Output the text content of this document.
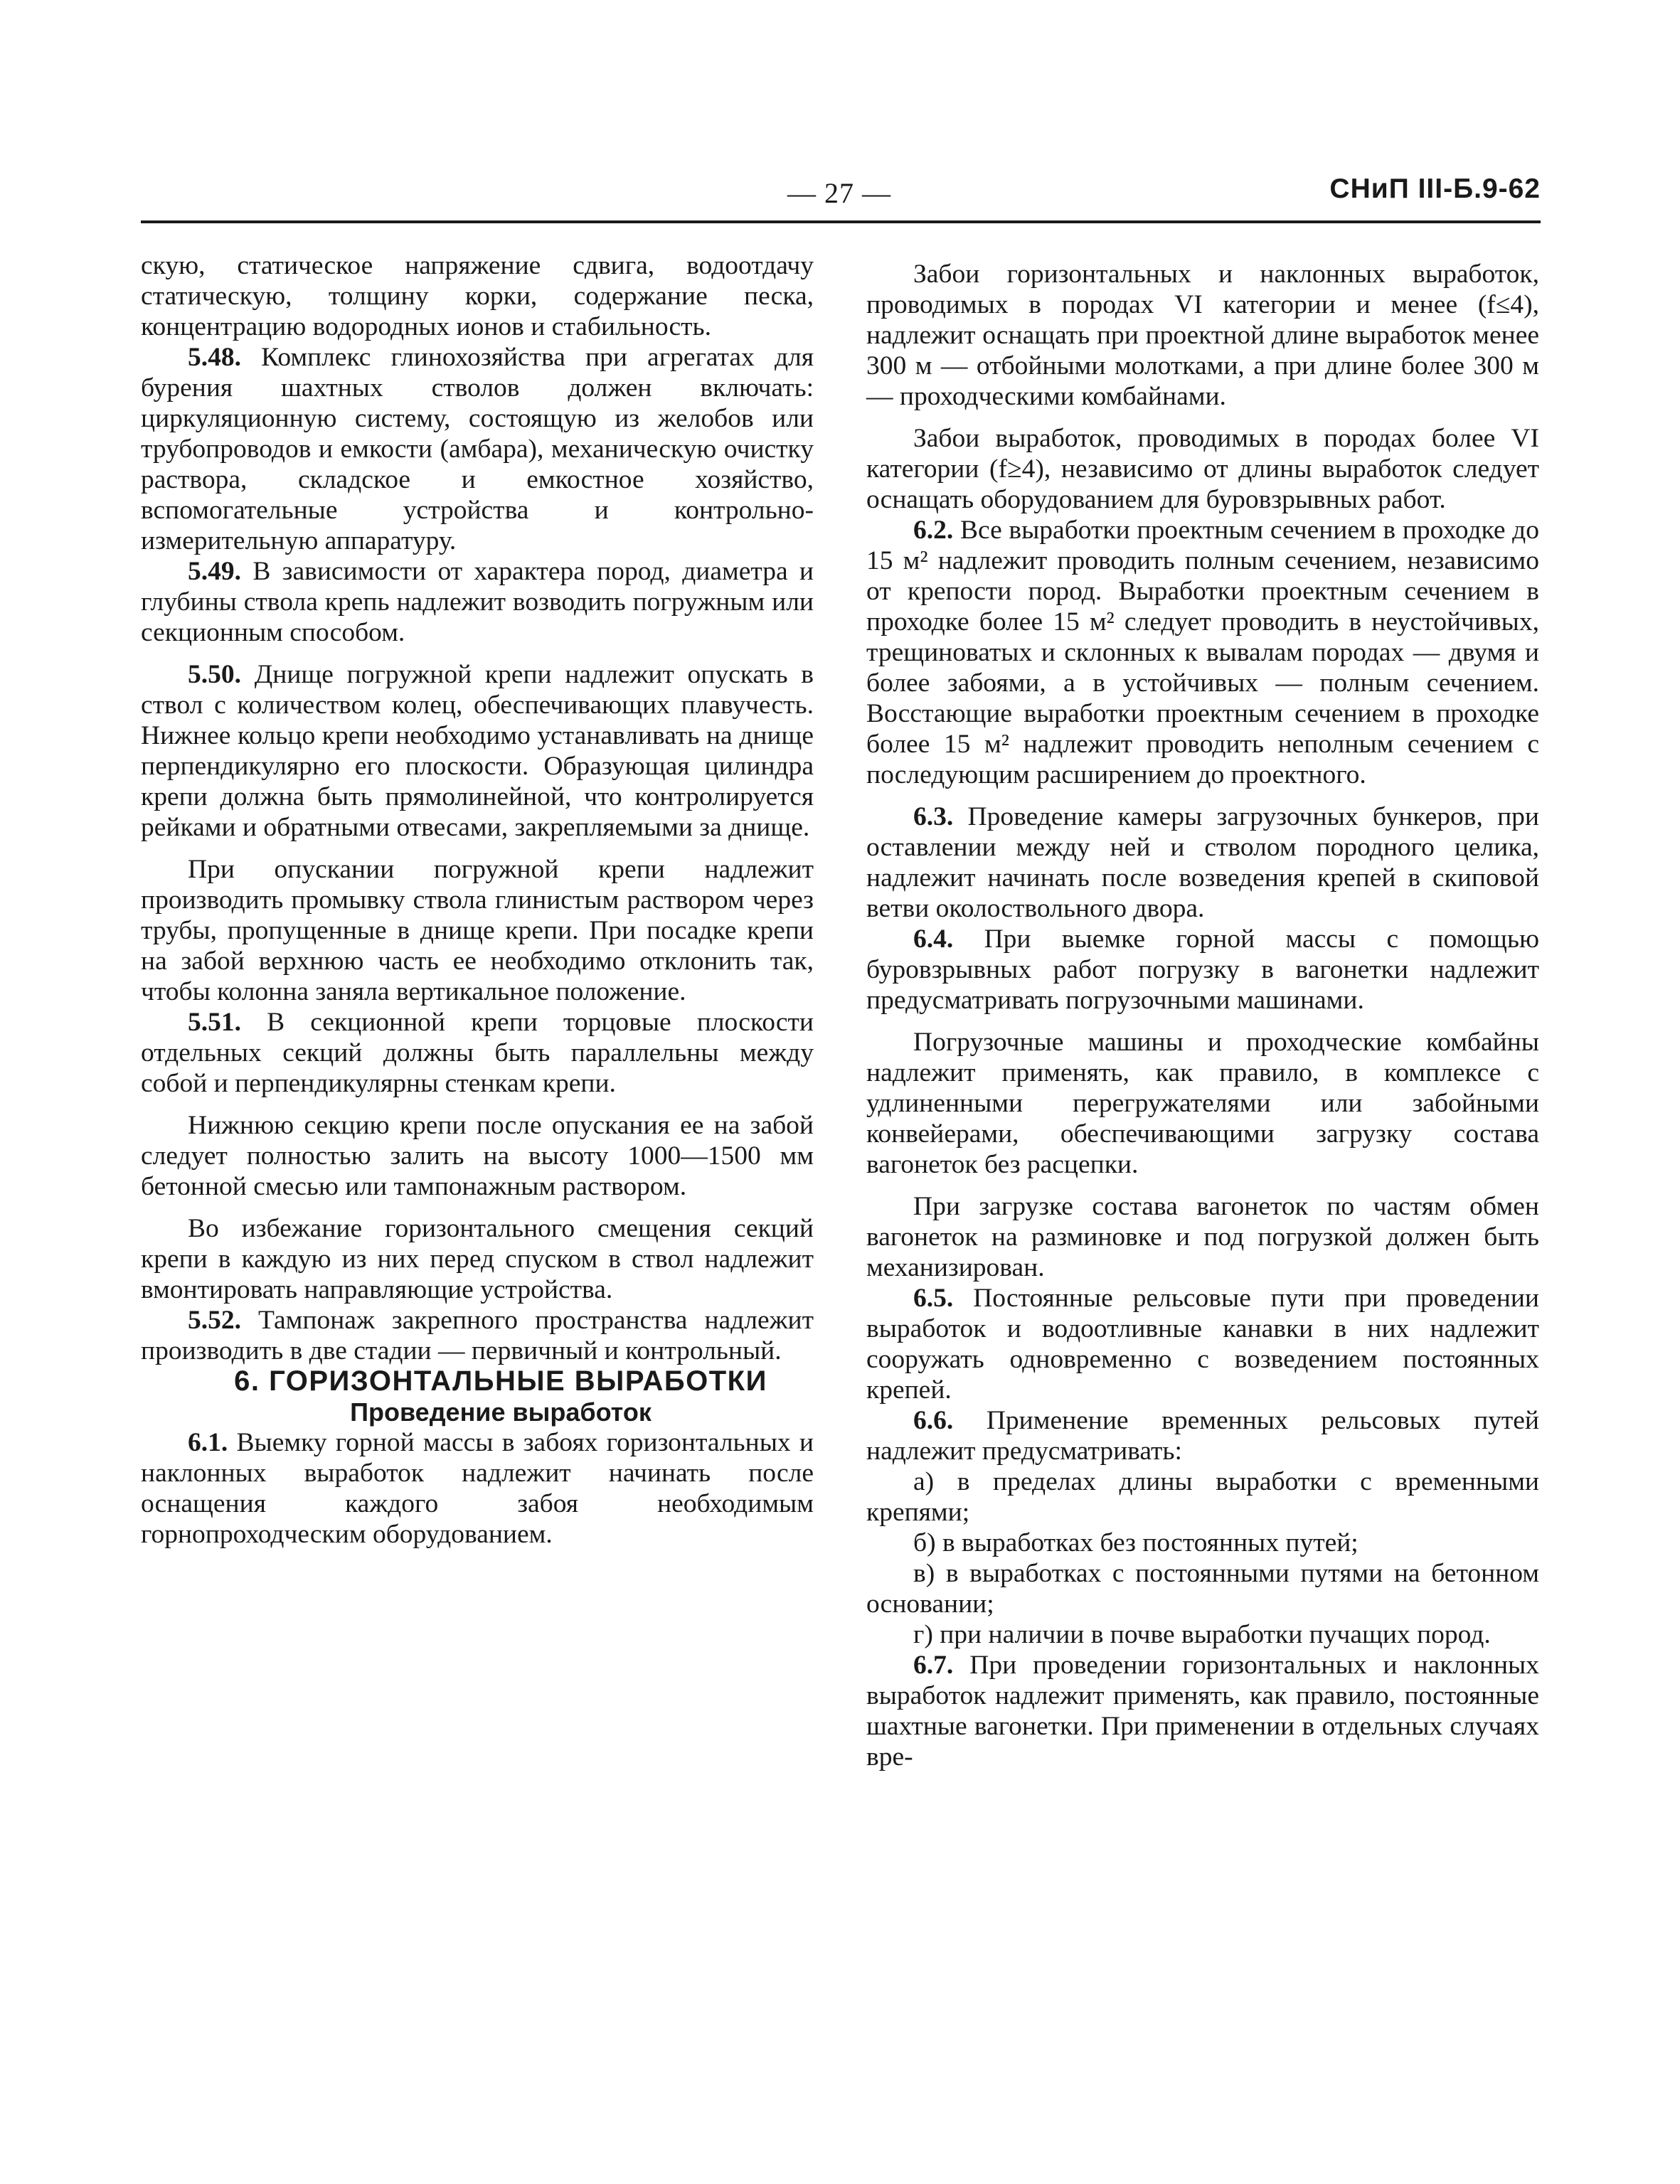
— 27 —	СНиП III-Б.9-62

скую, статическое напряжение сдвига, водоотдачу статическую, толщину корки, содержание песка, концентрацию водородных ионов и стабильность.

5.48. Комплекс глинохозяйства при агрегатах для бурения шахтных стволов должен включать: циркуляционную систему, состоящую из желобов или трубопроводов и емкости (амбара), механическую очистку раствора, складское и емкостное хозяйство, вспомогательные устройства и контрольно-измерительную аппаратуру.

5.49. В зависимости от характера пород, диаметра и глубины ствола крепь надлежит возводить погружным или секционным способом.

5.50. Днище погружной крепи надлежит опускать в ствол с количеством колец, обеспечивающих плавучесть. Нижнее кольцо крепи необходимо устанавливать на днище перпендикулярно его плоскости. Образующая цилиндра крепи должна быть прямолинейной, что контролируется рейками и обратными отвесами, закрепляемыми за днище.

При опускании погружной крепи надлежит производить промывку ствола глинистым раствором через трубы, пропущенные в днище крепи. При посадке крепи на забой верхнюю часть ее необходимо отклонить так, чтобы колонна заняла вертикальное положение.

5.51. В секционной крепи торцовые плоскости отдельных секций должны быть параллельны между собой и перпендикулярны стенкам крепи.

Нижнюю секцию крепи после опускания ее на забой следует полностью залить на высоту 1000—1500 мм бетонной смесью или тампонажным раствором.

Во избежание горизонтального смещения секций крепи в каждую из них перед спуском в ствол надлежит вмонтировать направляющие устройства.

5.52. Тампонаж закрепного пространства надлежит производить в две стадии — первичный и контрольный.

6. ГОРИЗОНТАЛЬНЫЕ ВЫРАБОТКИ

Проведение выработок

6.1. Выемку горной массы в забоях горизонтальных и наклонных выработок надлежит начинать после оснащения каждого забоя необходимым горнопроходческим оборудованием.

Забои горизонтальных и наклонных выработок, проводимых в породах VI категории и менее (f≤4), надлежит оснащать при проектной длине выработок менее 300 м — отбойными молотками, а при длине более 300 м — проходческими комбайнами.

Забои выработок, проводимых в породах более VI категории (f≥4), независимо от длины выработок следует оснащать оборудованием для буровзрывных работ.

6.2. Все выработки проектным сечением в проходке до 15 м² надлежит проводить полным сечением, независимо от крепости пород. Выработки проектным сечением в проходке более 15 м² следует проводить в неустойчивых, трещиноватых и склонных к вывалам породах — двумя и более забоями, а в устойчивых — полным сечением. Восстающие выработки проектным сечением в проходке более 15 м² надлежит проводить неполным сечением с последующим расширением до проектного.

6.3. Проведение камеры загрузочных бункеров, при оставлении между ней и стволом породного целика, надлежит начинать после возведения крепей в скиповой ветви околоствольного двора.

6.4. При выемке горной массы с помощью буровзрывных работ погрузку в вагонетки надлежит предусматривать погрузочными машинами.

Погрузочные машины и проходческие комбайны надлежит применять, как правило, в комплексе с удлиненными перегружателями или забойными конвейерами, обеспечивающими загрузку состава вагонеток без расцепки.

При загрузке состава вагонеток по частям обмен вагонеток на разминовке и под погрузкой должен быть механизирован.

6.5. Постоянные рельсовые пути при проведении выработок и водоотливные канавки в них надлежит сооружать одновременно с возведением постоянных крепей.

6.6. Применение временных рельсовых путей надлежит предусматривать:

а) в пределах длины выработки с временными крепями;

б) в выработках без постоянных путей;

в) в выработках с постоянными путями на бетонном основании;

г) при наличии в почве выработки пучащих пород.

6.7. При проведении горизонтальных и наклонных выработок надлежит применять, как правило, постоянные шахтные вагонетки. При применении в отдельных случаях вре-
